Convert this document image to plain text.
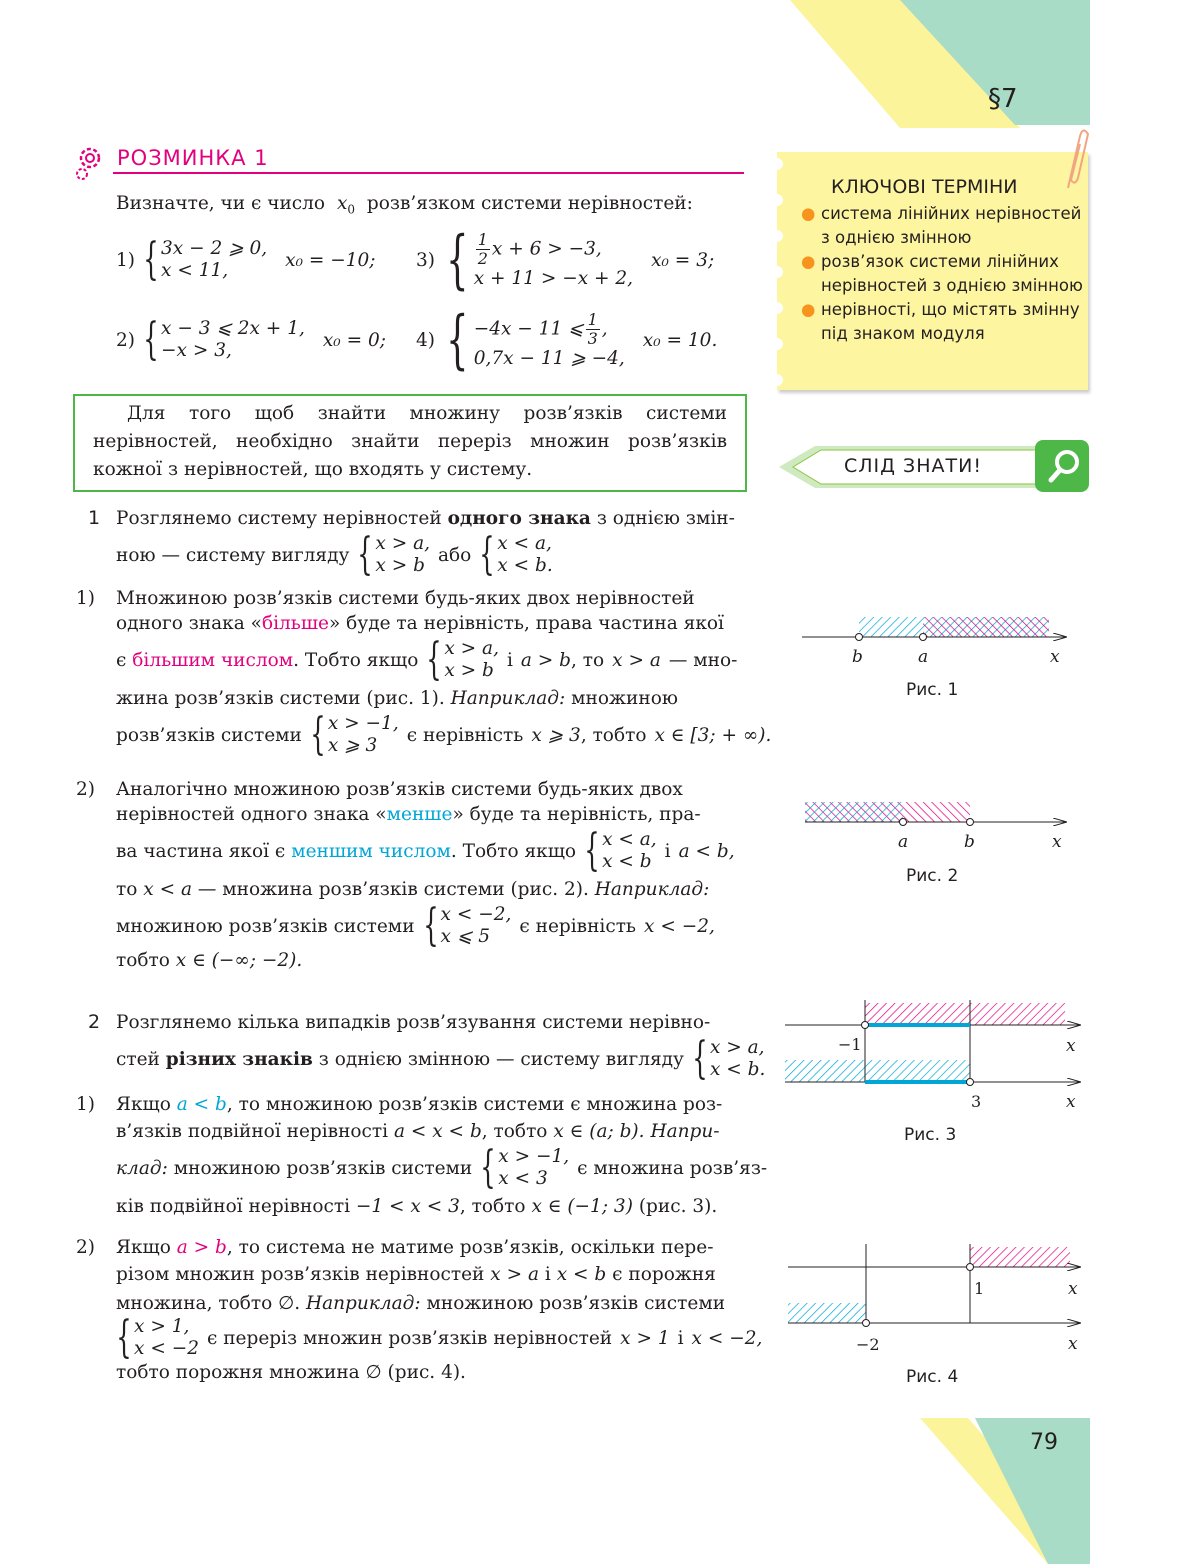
§7
РОЗМИНКА 1
Визначте, чи є число $x_0$ розв’язком системи нерівностей:
1) { 3x − 2 ⩾ 0,
x < 11,	x₀ = −10;
2) { x − 3 ⩽ 2x + 1,
−x > 3,	x₀ = 0;
3) { $\frac{1}{2}$ x + 6 > −3,
x + 11 > −x + 2,
x₀ = 3;
4) { −4x − 11 ⩽ $\frac{1}{3}$ ,
0,7x − 11 ⩾ −4,
x₀ = 10.
Для того щоб знайти множину розв’язків системи нерівностей, необхідно знайти переріз множин розв’язків кожної з нерівностей, що входять у систему.
КЛЮЧОВІ ТЕРМІНИ
● система лінійних нерівностей з однією змінною
● розв’язок системи лінійних нерівностей з однією змінною
● нерівності, що містять змінну під знаком модуля
СЛІД ЗНАТИ!
1 Розглянемо систему нерівностей одного знака з однією змін-
ною — систему вигляду { x > a,
x > b або { x < a,
x < b.
1) Множиною розв’язків системи будь-яких двох нерівностей
одного знака «більше» буде та нерівність, права частина якої
є більшим числом. Тобто якщо { x > a,
x > b і a > b , то x > a — мно-
жина розв’язків системи (рис. 1). Наприклад: множиною
розв’язків системи { x > −1,
x ⩾ 3	є нерівність x ⩾ 3 , тобто x ∈ [3; + ∞).
2) Аналогічно множиною розв’язків системи будь-яких двох
нерівностей одного знака «менше» буде та нерівність, пра-
ва частина якої є меншим числом. Тобто якщо { x < a,
x < b і a < b,
то x < a — множина розв’язків системи (рис. 2). Наприклад:
множиною розв’язків системи { x < −2,
x ⩽ 5	є нерівність x < −2,
тобто x ∈ (−∞; −2).
2 Розглянемо кілька випадків розв’язування системи нерівно-
стей різних знаків з однією змінною — систему вигляду { x > a,
x < b.
1) Якщо a < b, то множиною розв’язків системи є множина роз-
в’язків подвійної нерівності a < x < b, тобто x ∈ (a; b). Напри-
клад: множиною розв’язків системи { x > −1,
x < 3	є множина розв’яз-
ків подвійної нерівності −1 < x < 3, тобто x ∈ (−1; 3) (рис. 3).
2) Якщо a > b, то система не матиме розв’язків, оскільки пере-
різом множин розв’язків нерівностей x > a і x < b є порожня
множина, тобто ∅. Наприклад: множиною розв’язків системи
{ x > 1,
x < −2 є переріз множин розв’язків нерівностей x > 1 і x < −2,
тобто порожня множина ∅ (рис. 4).
b	a	x
Рис. 1
a	b	x
Рис. 2
−1	x
3	x
Рис. 3
1	x
−2	x
Рис. 4
79
